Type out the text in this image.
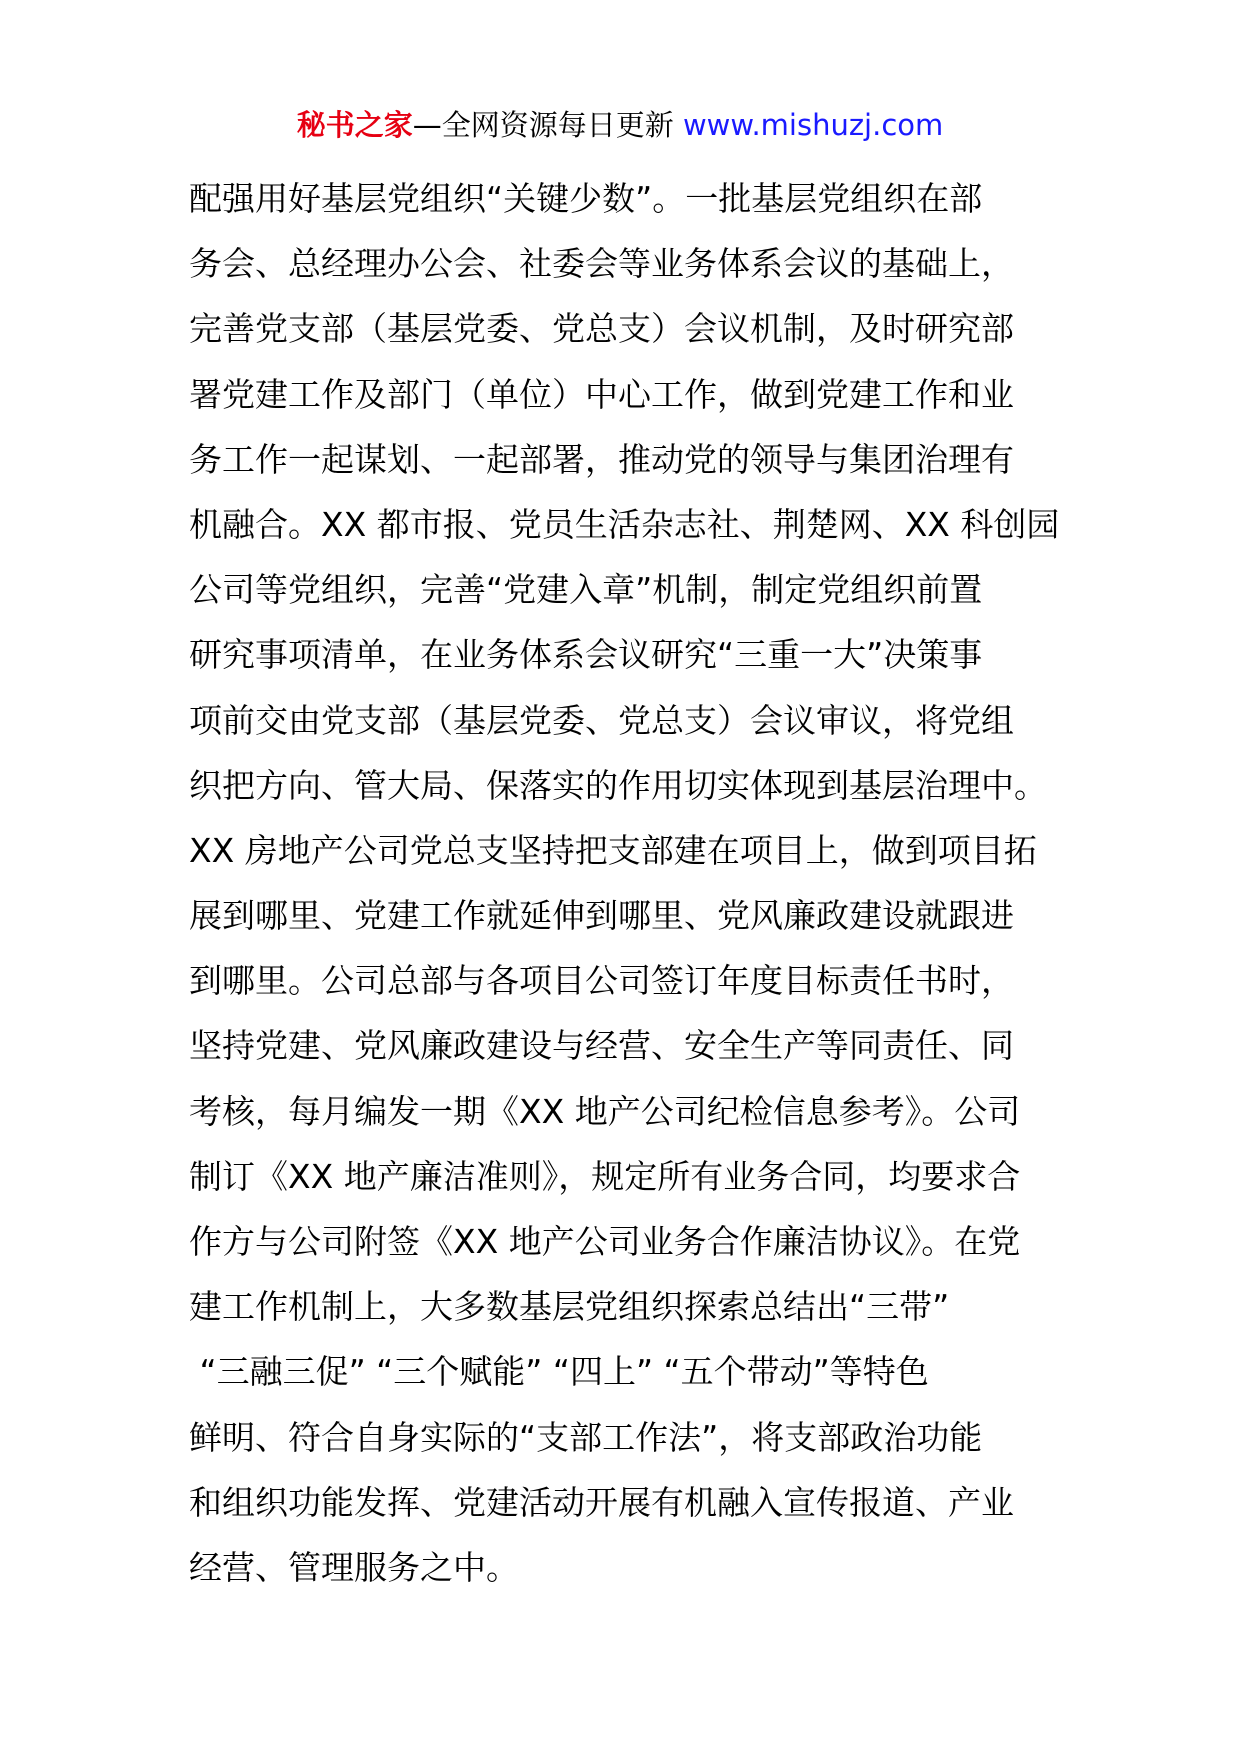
秘书之家—全网资源每日更新 www.mishuzj.com
配强用好基层党组织“关键少数”。一批基层党组织在部
务会、总经理办公会、社委会等业务体系会议的基础上，
完善党支部（基层党委、党总支）会议机制，及时研究部
署党建工作及部门（单位）中心工作，做到党建工作和业
务工作一起谋划、一起部署，推动党的领导与集团治理有
机融合。XX 都市报、党员生活杂志社、荆楚网、XX 科创园
公司等党组织，完善“党建入章”机制，制定党组织前置
研究事项清单，在业务体系会议研究“三重一大”决策事
项前交由党支部（基层党委、党总支）会议审议，将党组
织把方向、管大局、保落实的作用切实体现到基层治理中。
XX 房地产公司党总支坚持把支部建在项目上，做到项目拓
展到哪里、党建工作就延伸到哪里、党风廉政建设就跟进
到哪里。公司总部与各项目公司签订年度目标责任书时，
坚持党建、党风廉政建设与经营、安全生产等同责任、同
考核，每月编发一期《XX 地产公司纪检信息参考》。公司
制订《XX 地产廉洁准则》，规定所有业务合同，均要求合
作方与公司附签《XX 地产公司业务合作廉洁协议》。在党
建工作机制上，大多数基层党组织探索总结出“三带”
“三融三促” “三个赋能” “四上” “五个带动”等特色
鲜明、符合自身实际的“支部工作法”，将支部政治功能
和组织功能发挥、党建活动开展有机融入宣传报道、产业
经营、管理服务之中。
